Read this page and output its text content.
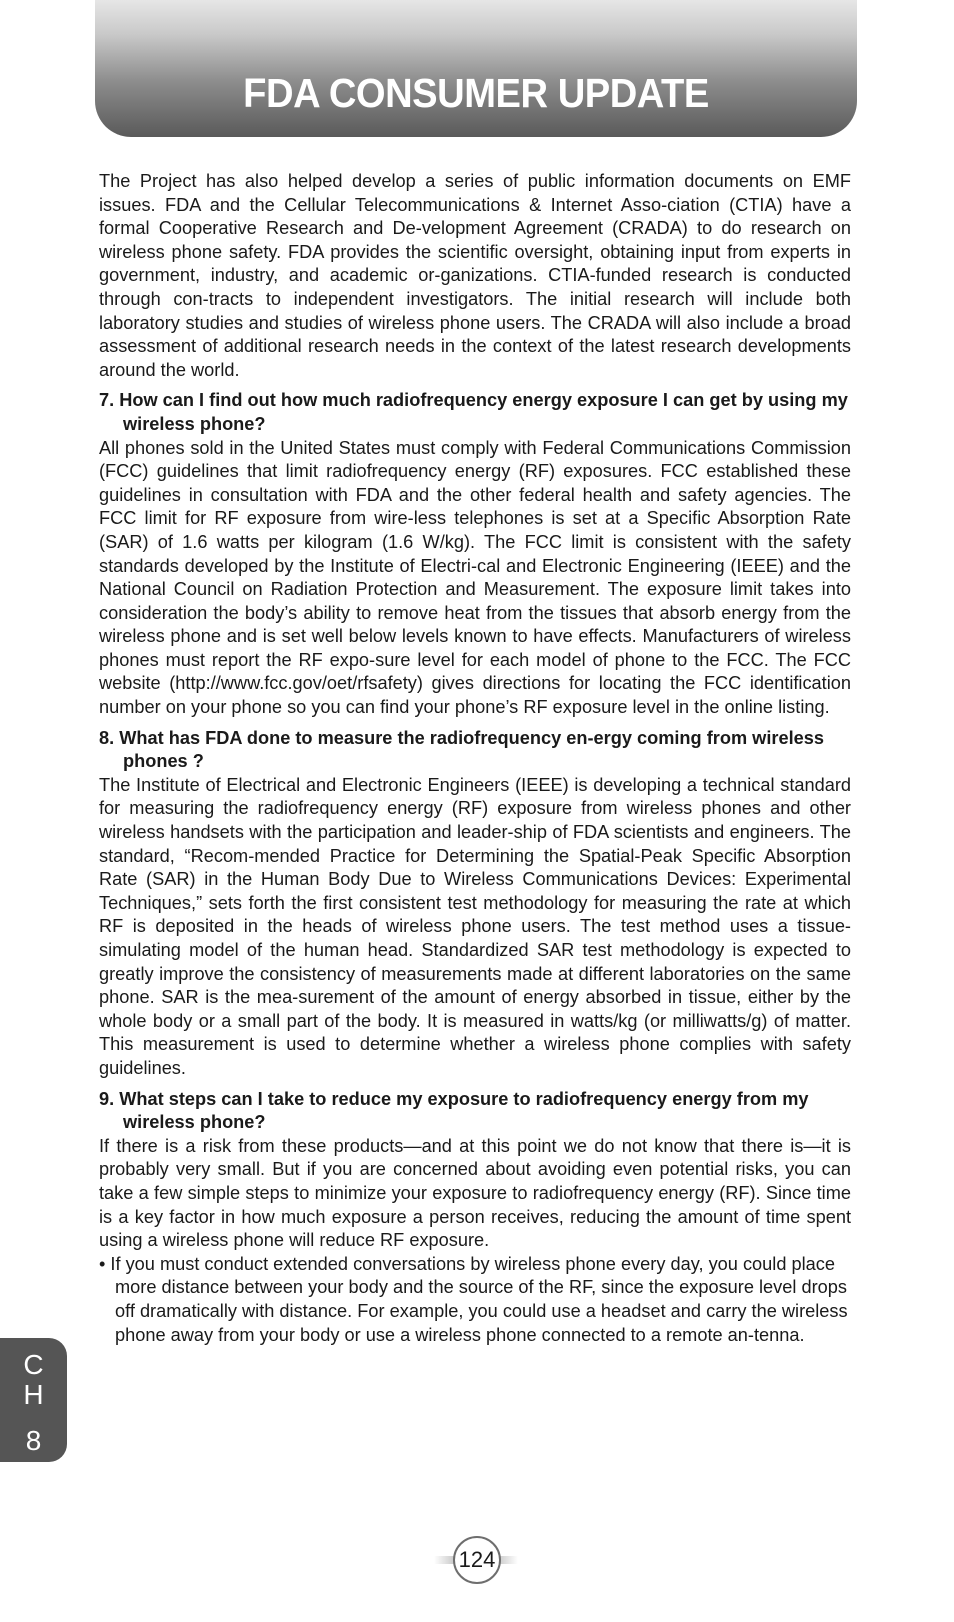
FDA CONSUMER UPDATE

The Project has also helped develop a series of public information documents on EMF issues. FDA and the Cellular Telecommunications & Internet Asso-ciation (CTIA) have a formal Cooperative Research and De-velopment Agreement (CRADA) to do research on wireless phone safety. FDA provides the scientific oversight, obtaining input from experts in government, industry, and academic or-ganizations. CTIA-funded research is conducted through con-tracts to independent investigators. The initial research will include both laboratory studies and studies of wireless phone users. The CRADA will also include a broad assessment of additional research needs in the context of the latest research developments around the world.

7. How can I find out how much radiofrequency energy exposure I can get by using my wireless phone?

All phones sold in the United States must comply with Federal Communications Commission (FCC) guidelines that limit radiofrequency energy (RF) exposures. FCC established these guidelines in consultation with FDA and the other federal health and safety agencies. The FCC limit for RF exposure from wire-less telephones is set at a Specific Absorption Rate (SAR) of 1.6 watts per kilogram (1.6 W/kg). The FCC limit is consistent with the safety standards developed by the Institute of Electri-cal and Electronic Engineering (IEEE) and the National Council on Radiation Protection and Measurement. The exposure limit takes into consideration the body’s ability to remove heat from the tissues that absorb energy from the wireless phone and is set well below levels known to have effects. Manufacturers of wireless phones must report the RF expo-sure level for each model of phone to the FCC. The FCC website (http://www.fcc.gov/oet/rfsafety) gives directions for locating the FCC identification number on your phone so you can find your phone’s RF exposure level in the online listing.

8. What has FDA done to measure the radiofrequency en-ergy coming from wireless phones ?

The Institute of Electrical and Electronic Engineers (IEEE) is developing a technical standard for measuring the radiofrequency energy (RF) exposure from wireless phones and other wireless handsets with the participation and leader-ship of FDA scientists and engineers. The standard, “Recom-mended Practice for Determining the Spatial-Peak Specific Absorption Rate (SAR) in the Human Body Due to Wireless Communications Devices: Experimental Techniques,” sets forth the first consistent test methodology for measuring the rate at which RF is deposited in the heads of wireless phone users. The test method uses a tissue-simulating model of the human head. Standardized SAR test methodology is expected to greatly improve the consistency of measurements made at different laboratories on the same phone. SAR is the mea-surement of the amount of energy absorbed in tissue, either by the whole body or a small part of the body. It is measured in watts/kg (or milliwatts/g) of matter. This measurement is used to determine whether a wireless phone complies with safety guidelines.

9. What steps can I take to reduce my exposure to radiofrequency energy from my wireless phone?

If there is a risk from these products—and at this point we do not know that there is—it is probably very small. But if you are concerned about avoiding even potential risks, you can take a few simple steps to minimize your exposure to radiofrequency energy (RF). Since time is a key factor in how much exposure a person receives, reducing the amount of time spent using a wireless phone will reduce RF exposure.

• If you must conduct extended conversations by wireless phone every day, you could place more distance between your body and the source of the RF, since the exposure level drops off dramatically with distance. For example, you could use a headset and carry the wireless phone away from your body or use a wireless phone connected to a remote an-tenna.

C
H
8
124
